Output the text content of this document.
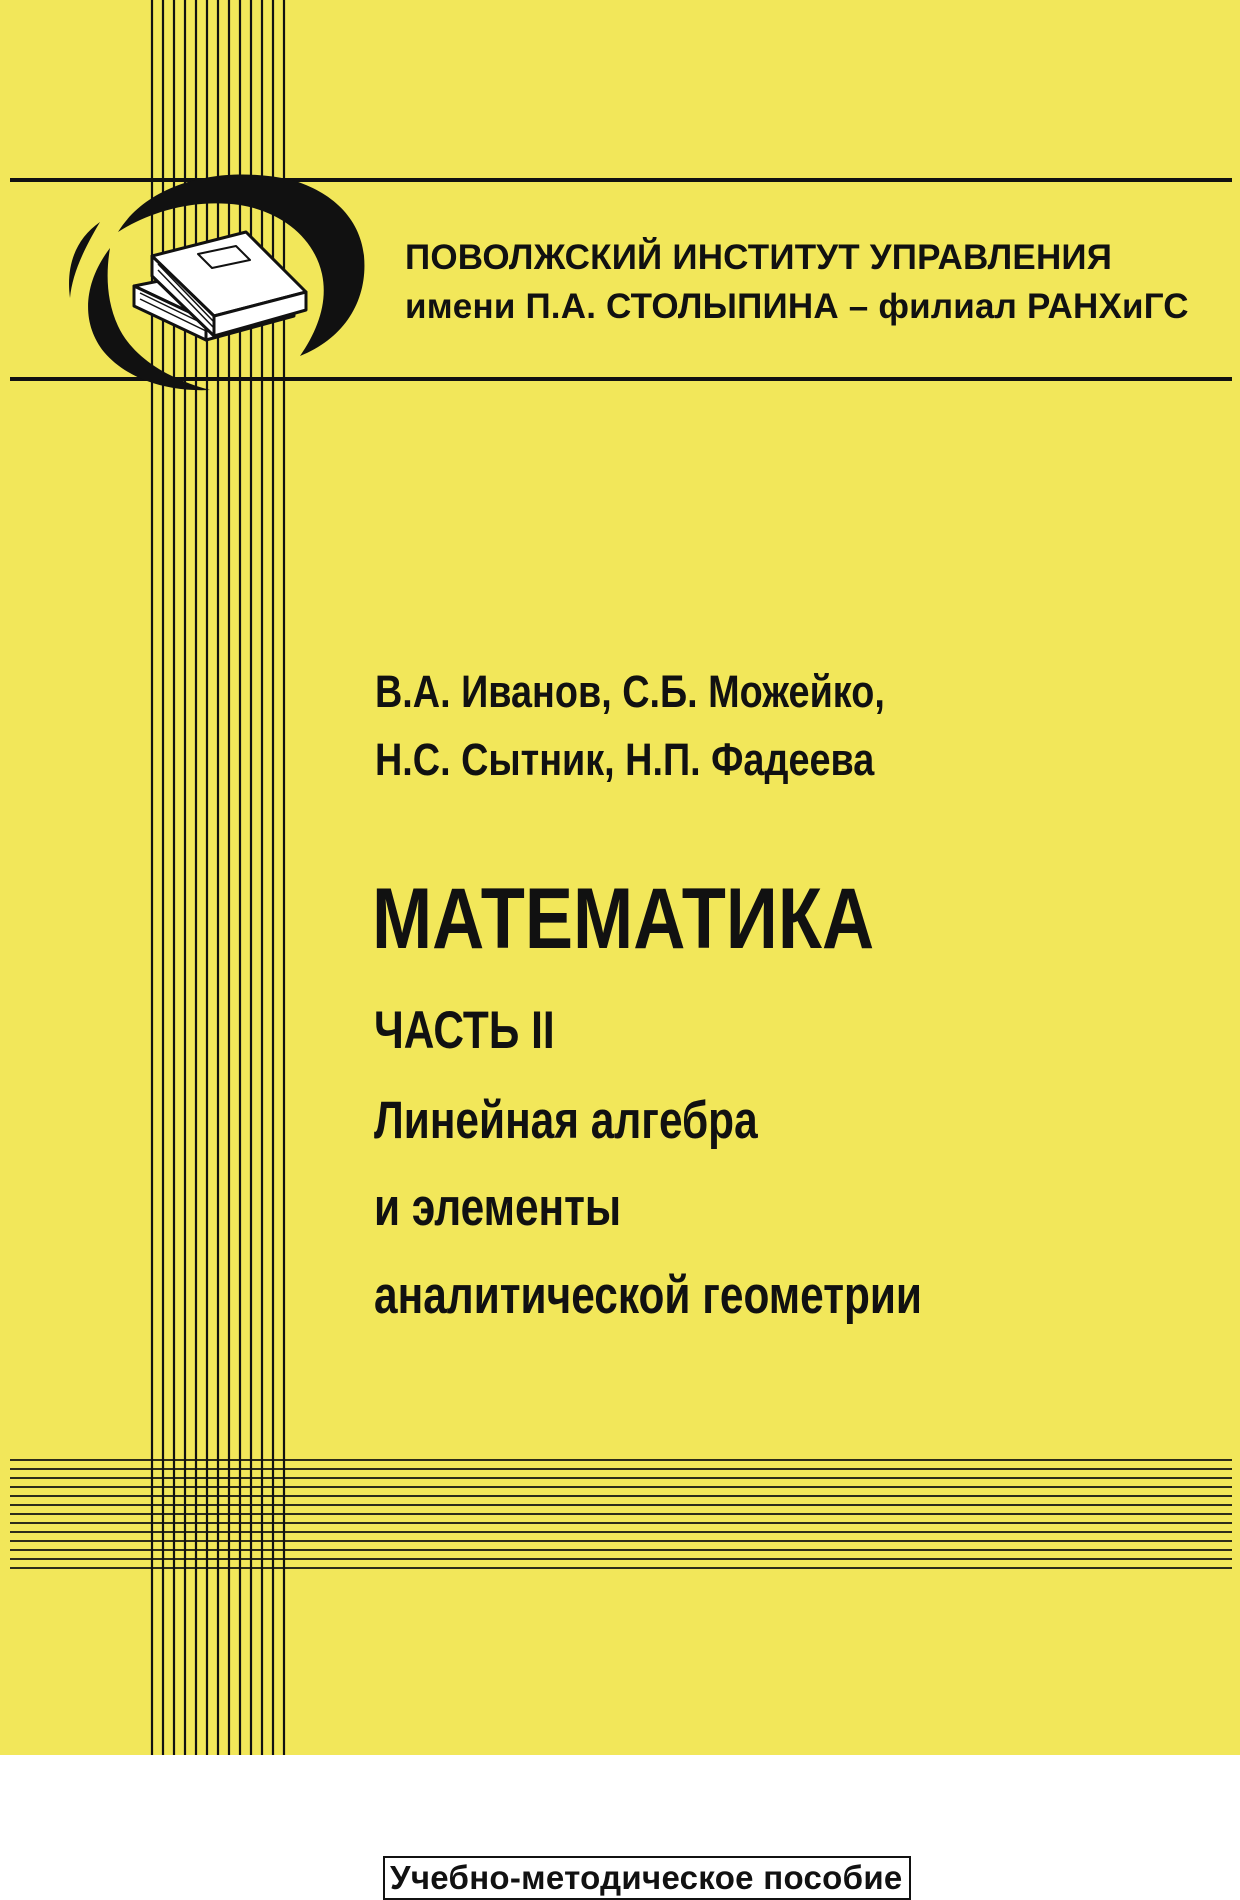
ПОВОЛЖСКИЙ ИНСТИТУТ УПРАВЛЕНИЯ
имени П.А. СТОЛЫПИНА – филиал РАНХиГС
В.А. Иванов, С.Б. Можейко,
Н.С. Сытник, Н.П. Фадеева
МАТЕМАТИКА
ЧАСТЬ II
Линейная алгебра
и элементы
аналитической геометрии
Учебно-методическое пособие
